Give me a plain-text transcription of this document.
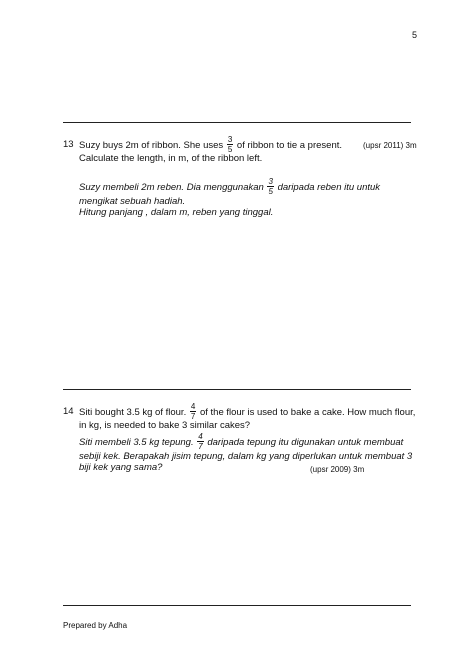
5
13 Suzy buys 2m of ribbon. She uses $\frac{3}{5}$ of ribbon to tie a present.	(upsr 2011) 3m
Calculate the length, in m, of the ribbon left.
Suzy membeli 2m reben. Dia menggunakan $\frac{3}{5}$ daripada reben itu untuk
mengikat sebuah hadiah.
Hitung panjang , dalam m, reben yang tinggal.
14 Siti bought 3.5 kg of flour. $\frac{4}{7}$ of the flour is used to bake a cake. How much flour,
in kg, is needed to bake 3 similar cakes?
Siti membeli 3.5 kg tepung. $\frac{4}{7}$ daripada tepung itu digunakan untuk membuat
sebiji kek. Berapakah jisim tepung, dalam kg yang diperlukan untuk membuat 3
biji kek yang sama?	(upsr 2009) 3m
Prepared by Adha
